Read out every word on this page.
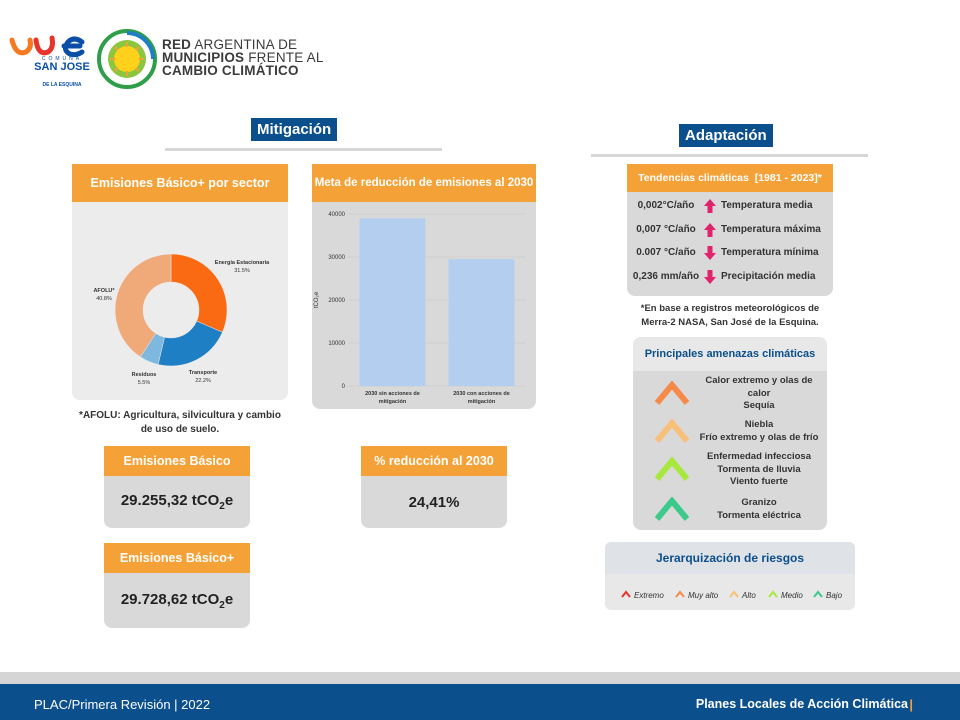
COMUNA
SAN JOSE
DE LA ESQUINA
RED ARGENTINA DE
MUNICIPIOS FRENTE AL
CAMBIO CLIMÁTICO
Mitigación
Emisiones Básico+ por sector
Energía Estacionaria
31.5%
Transporte
22.2%
Residuos
5.5%
AFOLU*
40.8%
*AFOLU: Agricultura, silvicultura y cambio
de uso de suelo.
Meta de reducción de emisiones al 2030
0
10000
20000
30000
40000
tCO₂e
2030 sin acciones de
mitigación
2030 con acciones de
mitigación
Emisiones Básico
29.255,32 tCO$_2$e
Emisiones Básico+
29.728,62 tCO$_2$e
% reducción al 2030
24,41%
Adaptación
Tendencias climáticas
[1981 - 2023]*
0,002°C/año	Temperatura media
0,007 °C/año	Temperatura máxima
0.007 °C/año	Temperatura mínima
0,236 mm/año Precipitación media
*En base a registros meteorológicos de
Merra-2 NASA, San José de la Esquina.
Principales amenazas climáticas
Calor extremo y olas de
calor
Sequía
Niebla
Frío extremo y olas de frío
Enfermedad infecciosa
Tormenta de lluvia
Viento fuerte
Granizo
Tormenta eléctrica
Jerarquización de riesgos
Extremo	Muy alto	Alto	Medio	Bajo
PLAC/Primera Revisión | 2022	Planes Locales de Acción Climática |
